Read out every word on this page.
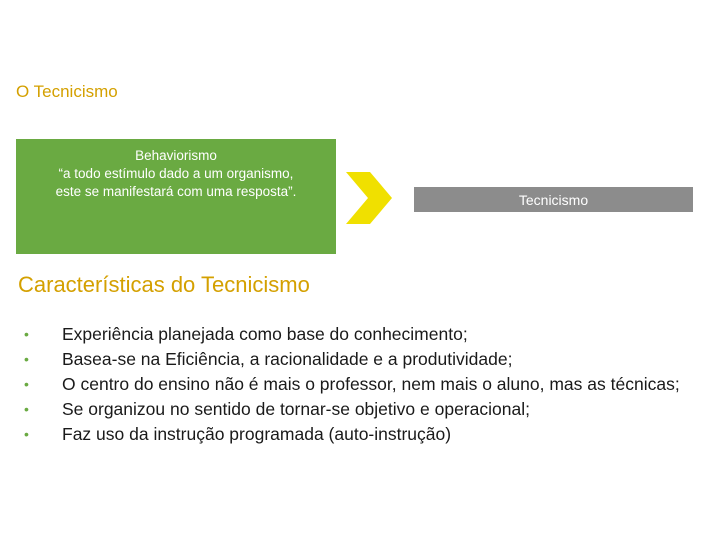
O Tecnicismo
Behaviorismo
“a todo estímulo dado a um organismo,
este se manifestará com uma resposta”.	Tecnicismo
Características do Tecnicismo
• Experiência planejada como base do conhecimento;
• Basea-se na Eficiência, a racionalidade e a produtividade;
• O centro do ensino não é mais o professor, nem mais o aluno, mas as técnicas;
• Se organizou no sentido de tornar-se objetivo e operacional;
• Faz uso da instrução programada (auto-instrução)
